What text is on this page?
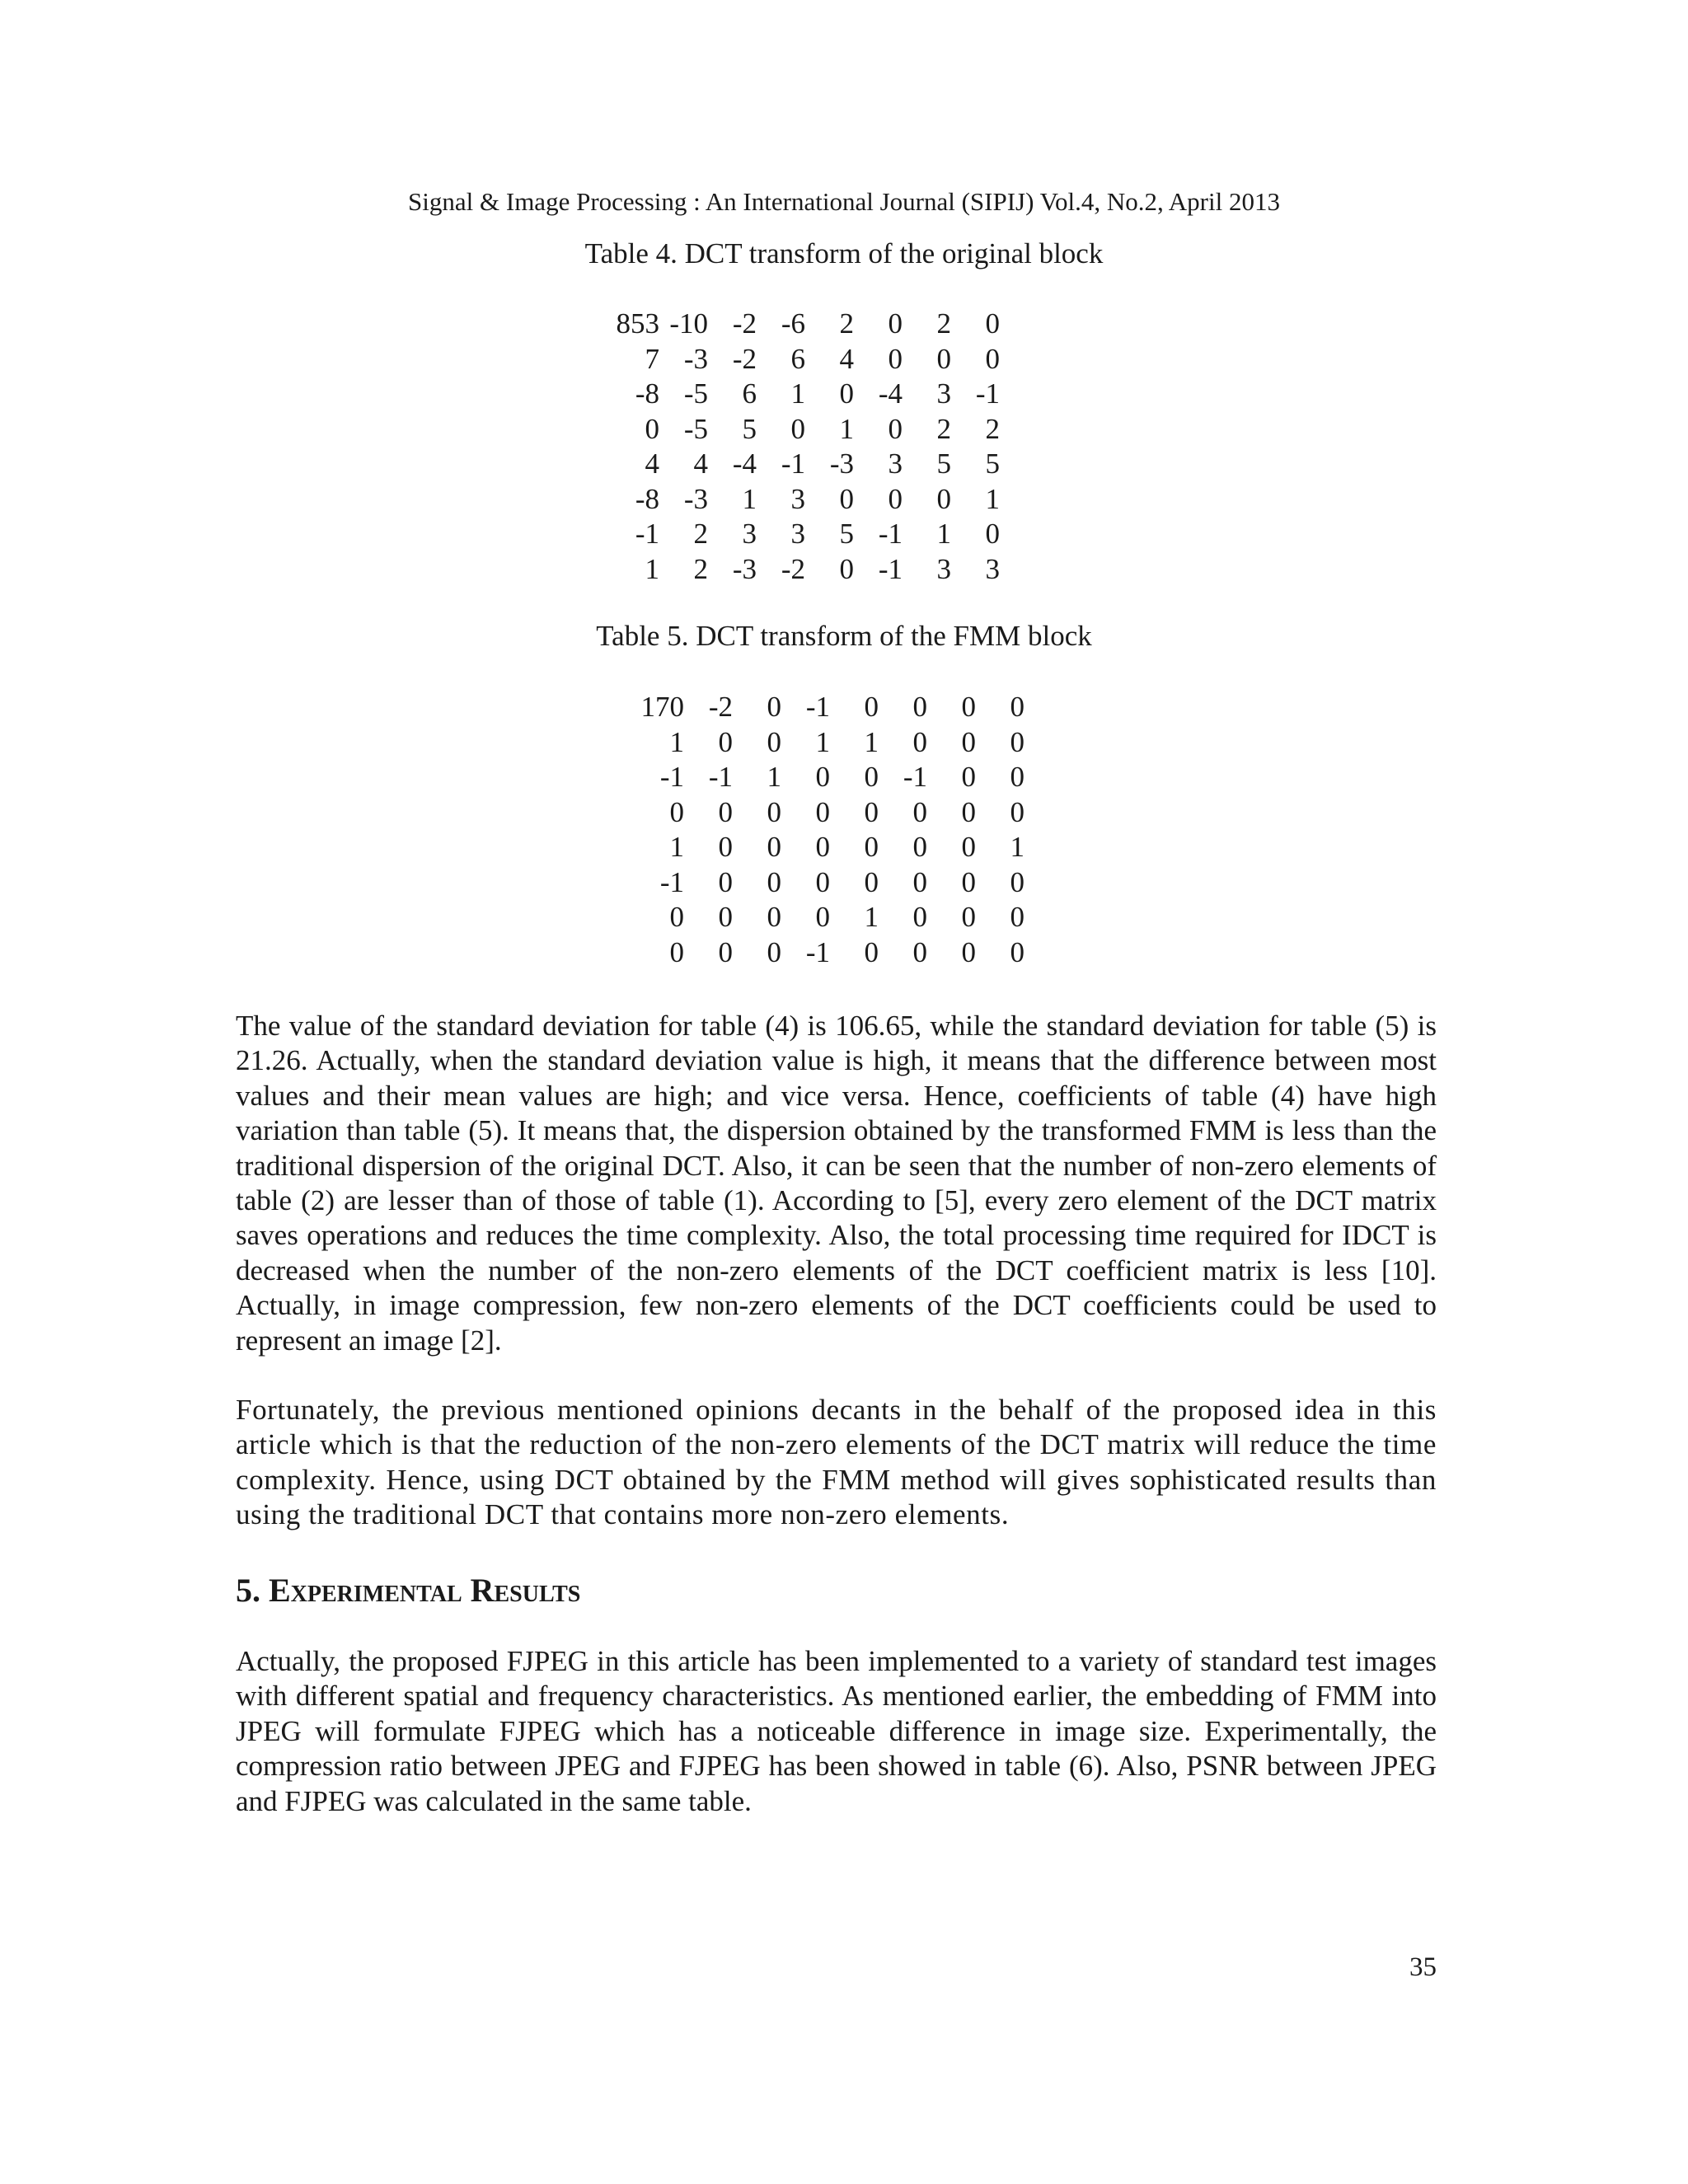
Signal & Image Processing : An International Journal (SIPIJ) Vol.4, No.2, April 2013
Table 4. DCT transform of the original block
853	-10	-2	-6	2	0	2	0
7	-3	-2	6	4	0	0	0
-8	-5	6	1	0	-4	3	-1
0	-5	5	0	1	0	2	2
4	4	-4	-1	-3	3	5	5
-8	-3	1	3	0	0	0	1
-1	2	3	3	5	-1	1	0
1	2	-3	-2	0	-1	3	3
Table 5. DCT transform of the FMM block
170	-2	0	-1	0	0	0	0
1	0	0	1	1	0	0	0
-1	-1	1	0	0	-1	0	0
0	0	0	0	0	0	0	0
1	0	0	0	0	0	0	1
-1	0	0	0	0	0	0	0
0	0	0	0	1	0	0	0
0	0	0	-1	0	0	0	0

The value of the standard deviation for table (4) is 106.65, while the standard deviation for table (5) is 21.26. Actually, when the standard deviation value is high, it means that the difference between most values and their mean values are high; and vice versa. Hence, coefficients of table (4) have high variation than table (5). It means that, the dispersion obtained by the transformed FMM is less than the traditional dispersion of the original DCT. Also, it can be seen that the number of non-zero elements of table (2) are lesser than of those of table (1). According to [5], every zero element of the DCT matrix saves operations and reduces the time complexity. Also, the total processing time required for IDCT is decreased when the number of the non-zero elements of the DCT coefficient matrix is less [10]. Actually, in image compression, few non-zero elements of the DCT coefficients could be used to represent an image [2].

Fortunately, the previous mentioned opinions decants in the behalf of the proposed idea in this article which is that the reduction of the non-zero elements of the DCT matrix will reduce the time complexity. Hence, using DCT obtained by the FMM method will gives sophisticated results than using the traditional DCT that contains more non-zero elements.

5. Experimental Results

Actually, the proposed FJPEG in this article has been implemented to a variety of standard test images with different spatial and frequency characteristics. As mentioned earlier, the embedding of FMM into JPEG will formulate FJPEG which has a noticeable difference in image size. Experimentally, the compression ratio between JPEG and FJPEG has been showed in table (6). Also, PSNR between JPEG and FJPEG was calculated in the same table.

35
